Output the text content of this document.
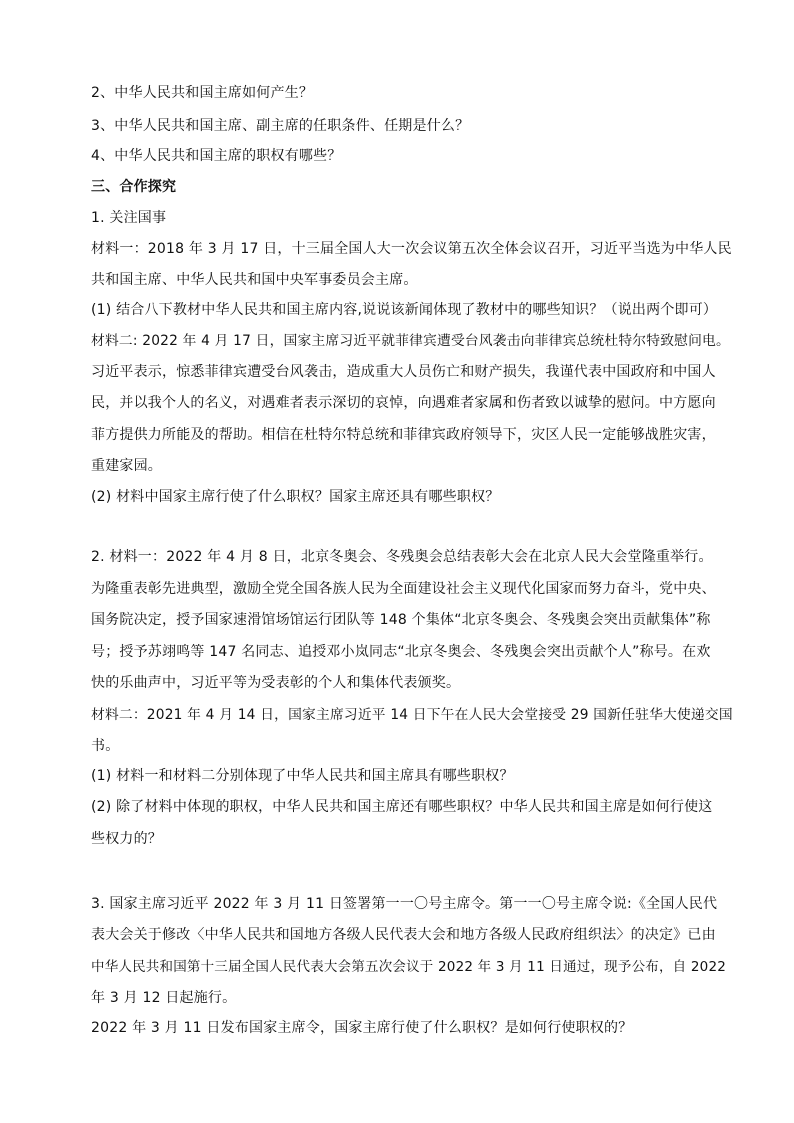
2、中华人民共和国主席如何产生？
3、中华人民共和国主席、副主席的任职条件、任期是什么？
4、中华人民共和国主席的职权有哪些？
三、合作探究
1. 关注国事
材料一：2018 年 3 月 17 日，十三届全国人大一次会议第五次全体会议召开，习近平当选为中华人民
共和国主席、中华人民共和国中央军事委员会主席。
(1) 结合八下教材中华人民共和国主席内容,说说该新闻体现了教材中的哪些知识？（说出两个即可）
材料二: 2022 年 4 月 17 日，国家主席习近平就菲律宾遭受台风袭击向菲律宾总统杜特尔特致慰问电。
习近平表示，惊悉菲律宾遭受台风袭击，造成重大人员伤亡和财产损失，我谨代表中国政府和中国人
民，并以我个人的名义，对遇难者表示深切的哀悼，向遇难者家属和伤者致以诚挚的慰问。中方愿向
菲方提供力所能及的帮助。相信在杜特尔特总统和菲律宾政府领导下，灾区人民一定能够战胜灾害，
重建家园。
(2) 材料中国家主席行使了什么职权？国家主席还具有哪些职权？
2. 材料一：2022 年 4 月 8 日，北京冬奥会、冬残奥会总结表彰大会在北京人民大会堂隆重举行。
为隆重表彰先进典型，激励全党全国各族人民为全面建设社会主义现代化国家而努力奋斗，党中央、
国务院决定，授予国家速滑馆场馆运行团队等 148 个集体“北京冬奥会、冬残奥会突出贡献集体”称
号；授予苏翊鸣等 147 名同志、追授邓小岚同志“北京冬奥会、冬残奥会突出贡献个人”称号。在欢
快的乐曲声中，习近平等为受表彰的个人和集体代表颁奖。
材料二：2021 年 4 月 14 日，国家主席习近平 14 日下午在人民大会堂接受 29 国新任驻华大使递交国
书。
(1) 材料一和材料二分别体现了中华人民共和国主席具有哪些职权？
(2) 除了材料中体现的职权，中华人民共和国主席还有哪些职权？中华人民共和国主席是如何行使这
些权力的？
3. 国家主席习近平 2022 年 3 月 11 日签署第一一〇号主席令。第一一〇号主席令说:《全国人民代
表大会关于修改〈中华人民共和国地方各级人民代表大会和地方各级人民政府组织法〉的决定》已由
中华人民共和国第十三届全国人民代表大会第五次会议于 2022 年 3 月 11 日通过，现予公布，自 2022
年 3 月 12 日起施行。
2022 年 3 月 11 日发布国家主席令，国家主席行使了什么职权？是如何行使职权的？
